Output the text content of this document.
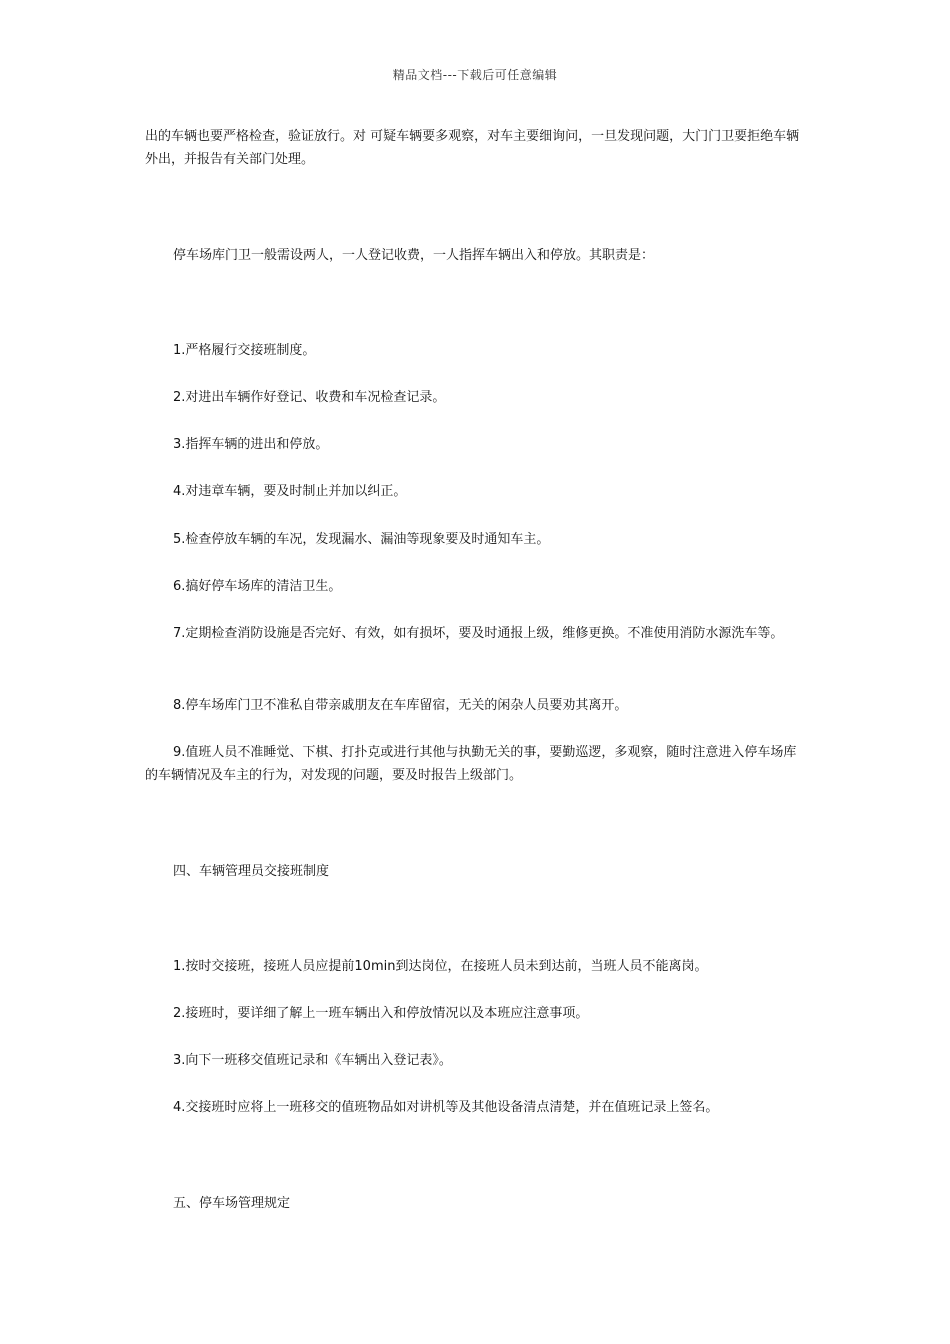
精品文档---下载后可任意编辑

出的车辆也要严格检查，验证放行。对 可疑车辆要多观察，对车主要细询问，一旦发现问题，大门门卫要拒绝车辆外出，并报告有关部门处理。

停车场库门卫一般需设两人，一人登记收费，一人指挥车辆出入和停放。其职责是：

1.严格履行交接班制度。

2.对进出车辆作好登记、收费和车况检查记录。

3.指挥车辆的进出和停放。

4.对违章车辆，要及时制止并加以纠正。

5.检查停放车辆的车况，发现漏水、漏油等现象要及时通知车主。

6.搞好停车场库的清洁卫生。

7.定期检查消防设施是否完好、有效，如有损坏，要及时通报上级，维修更换。不准使用消防水源洗车等。

8.停车场库门卫不准私自带亲戚朋友在车库留宿，无关的闲杂人员要劝其离开。

9.值班人员不准睡觉、下棋、打扑克或进行其他与执勤无关的事，要勤巡逻，多观察，随时注意进入停车场库的车辆情况及车主的行为，对发现的问题，要及时报告上级部门。

四、车辆管理员交接班制度

1.按时交接班，接班人员应提前10min到达岗位，在接班人员未到达前，当班人员不能离岗。

2.接班时，要详细了解上一班车辆出入和停放情况以及本班应注意事项。

3.向下一班移交值班记录和《车辆出入登记表》。

4.交接班时应将上一班移交的值班物品如对讲机等及其他设备清点清楚，并在值班记录上签名。

五、停车场管理规定
